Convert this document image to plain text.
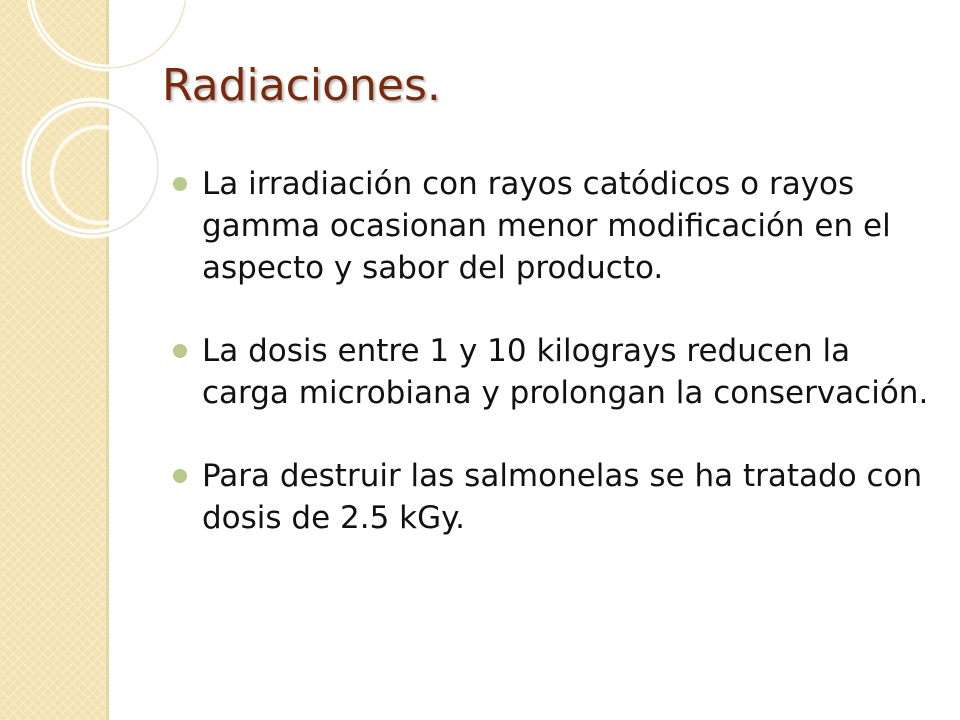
Radiaciones.
La irradiación con rayos catódicos o rayos gamma ocasionan menor modificación en el aspecto y sabor del producto.
La dosis entre 1 y 10 kilograys reducen la carga microbiana y prolongan la conservación.
Para destruir las salmonelas se ha tratado con dosis de 2.5 kGy.
